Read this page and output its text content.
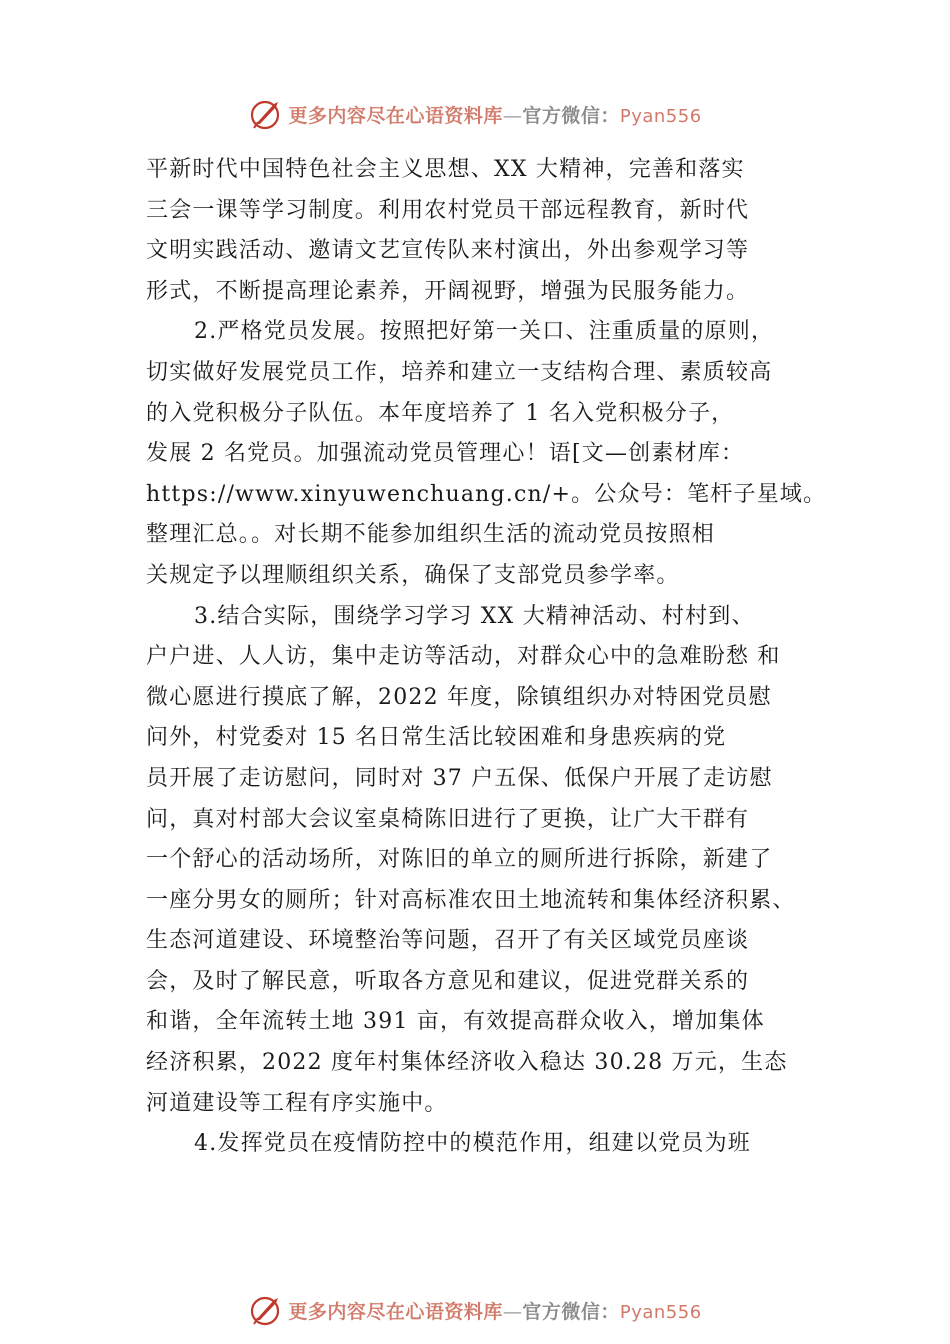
更多内容尽在心语资料库—官方微信：Pyan556
平新时代中国特色社会主义思想、XX 大精神，完善和落实
三会一课等学习制度。利用农村党员干部远程教育，新时代
文明实践活动、邀请文艺宣传队来村演出，外出参观学习等
形式，不断提高理论素养，开阔视野，增强为民服务能力。
2.严格党员发展。按照把好第一关口、注重质量的原则，
切实做好发展党员工作，培养和建立一支结构合理、素质较高
的入党积极分子队伍。本年度培养了 1 名入党积极分子，
发展 2 名党员。加强流动党员管理心！语[文—创素材库：
https://www.xinyuwenchuang.cn/+。公众号：笔杆子星域。
整理汇总。。对长期不能参加组织生活的流动党员按照相
关规定予以理顺组织关系，确保了支部党员参学率。
3.结合实际，围绕学习学习 XX 大精神活动、村村到、
户户进、人人访，集中走访等活动，对群众心中的急难盼愁 和
微心愿进行摸底了解，2022 年度，除镇组织办对特困党员慰
问外，村党委对 15 名日常生活比较困难和身患疾病的党
员开展了走访慰问，同时对 37 户五保、低保户开展了走访慰
问，真对村部大会议室桌椅陈旧进行了更换，让广大干群有
一个舒心的活动场所，对陈旧的单立的厕所进行拆除，新建了
一座分男女的厕所；针对高标准农田土地流转和集体经济积累、
生态河道建设、环境整治等问题，召开了有关区域党员座谈
会，及时了解民意，听取各方意见和建议，促进党群关系的
和谐，全年流转土地 391 亩，有效提高群众收入，增加集体
经济积累，2022 度年村集体经济收入稳达 30.28 万元，生态
河道建设等工程有序实施中。
4.发挥党员在疫情防控中的模范作用，组建以党员为班
更多内容尽在心语资料库—官方微信：Pyan556
